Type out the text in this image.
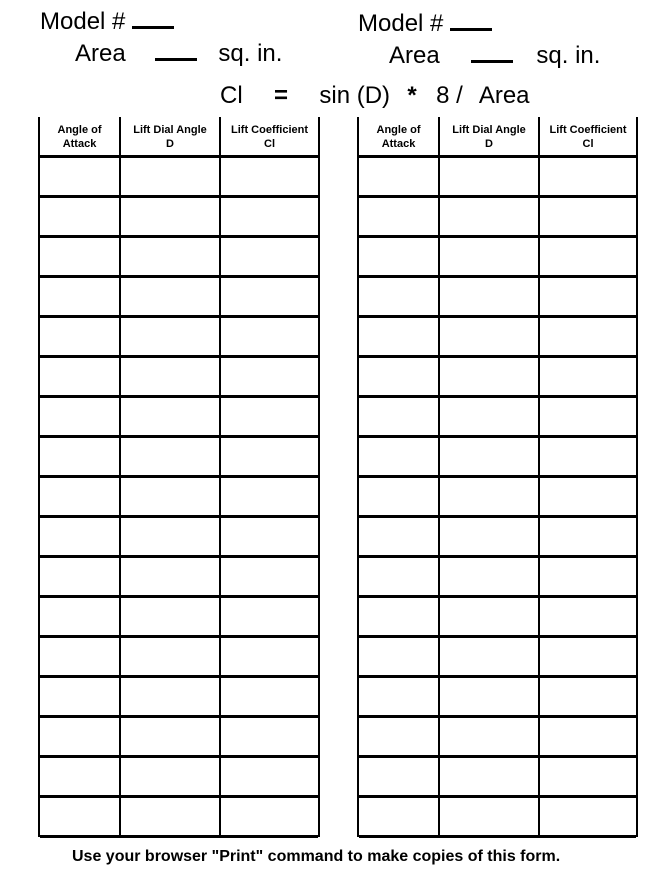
Model #
Area	sq. in.
Model #
Area	sq. in.
Cl = sin (D) * 8 / Area
Angle of
Attack
Lift Dial Angle
D
Lift Coefficient
Cl
Angle of
Attack
Lift Dial Angle
D
Lift Coefficient
Cl
Use your browser "Print" command to make copies of this form.
